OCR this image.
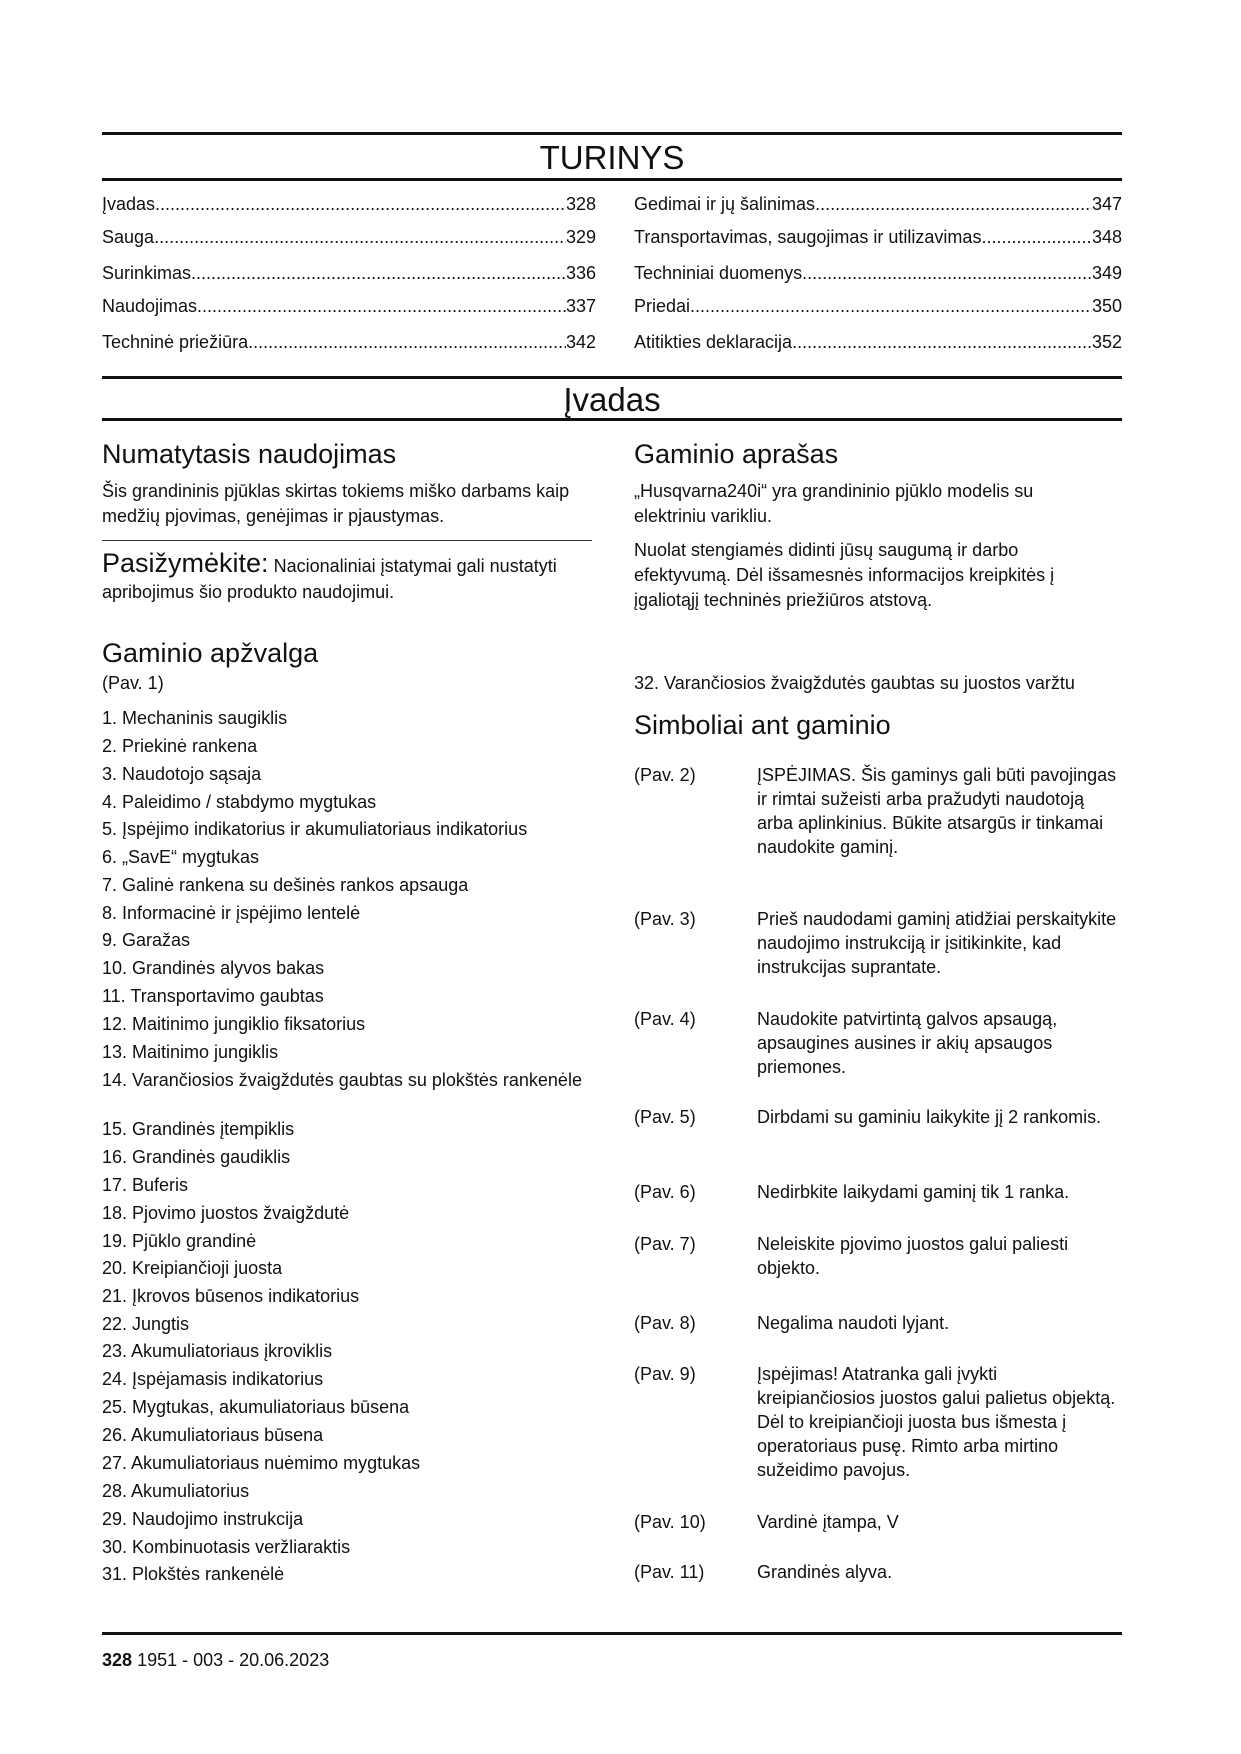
TURINYS
Įvadas .....	328
Sauga .....	329
Surinkimas .....	336
Naudojimas .....	337
Techninė priežiūra .....	342
Gedimai ir jų šalinimas .....	347
Transportavimas, saugojimas ir utilizavimas .....	348
Techniniai duomenys .....	349
Priedai .....	350
Atitikties deklaracija .....	352
Įvadas
Numatytasis naudojimas
Šis grandininis pjūklas skirtas tokiems miško darbams kaip medžių pjovimas, genėjimas ir pjaustymas.
Pasižymėkite: Nacionaliniai įstatymai gali nustatyti apribojimus šio produkto naudojimui.
Gaminio aprašas
„Husqvarna240i“ yra grandininio pjūklo modelis su elektriniu varikliu.
Nuolat stengiamės didinti jūsų saugumą ir darbo efektyvumą. Dėl išsamesnės informacijos kreipkitės į įgaliotąjį techninės priežiūros atstovą.
Gaminio apžvalga
(Pav. 1)
1. Mechaninis saugiklis
2. Priekinė rankena
3. Naudotojo sąsaja
4. Paleidimo / stabdymo mygtukas
5. Įspėjimo indikatorius ir akumuliatoriaus indikatorius
6. „SavE“ mygtukas
7. Galinė rankena su dešinės rankos apsauga
8. Informacinė ir įspėjimo lentelė
9. Garažas
10. Grandinės alyvos bakas
11. Transportavimo gaubtas
12. Maitinimo jungiklio fiksatorius
13. Maitinimo jungiklis
14. Varančiosios žvaigždutės gaubtas su plokštės rankenėle
15. Grandinės įtempiklis
16. Grandinės gaudiklis
17. Buferis
18. Pjovimo juostos žvaigždutė
19. Pjūklo grandinė
20. Kreipiančioji juosta
21. Įkrovos būsenos indikatorius
22. Jungtis
23. Akumuliatoriaus įkroviklis
24. Įspėjamasis indikatorius
25. Mygtukas, akumuliatoriaus būsena
26. Akumuliatoriaus būsena
27. Akumuliatoriaus nuėmimo mygtukas
28. Akumuliatorius
29. Naudojimo instrukcija
30. Kombinuotasis veržliaraktis
31. Plokštės rankenėlė
32. Varančiosios žvaigždutės gaubtas su juostos varžtu
Simboliai ant gaminio
(Pav. 2)	ĮSPĖJIMAS. Šis gaminys gali būti pavojingas ir rimtai sužeisti arba pražudyti naudotoją arba aplinkinius. Būkite atsargūs ir tinkamai naudokite gaminį.
(Pav. 3)	Prieš naudodami gaminį atidžiai perskaitykite naudojimo instrukciją ir įsitikinkite, kad instrukcijas suprantate.
(Pav. 4)	Naudokite patvirtintą galvos apsaugą, apsaugines ausines ir akių apsaugos priemones.
(Pav. 5)	Dirbdami su gaminiu laikykite jį 2 rankomis.
(Pav. 6)	Nedirbkite laikydami gaminį tik 1 ranka.
(Pav. 7)	Neleiskite pjovimo juostos galui paliesti objekto.
(Pav. 8)	Negalima naudoti lyjant.
(Pav. 9)	Įspėjimas! Atatranka gali įvykti kreipiančiosios juostos galui palietus objektą. Dėl to kreipiančioji juosta bus išmesta į operatoriaus pusę. Rimto arba mirtino sužeidimo pavojus.
(Pav. 10)	Vardinė įtampa, V
(Pav. 11)	Grandinės alyva.
328 1951 - 003 - 20.06.2023
